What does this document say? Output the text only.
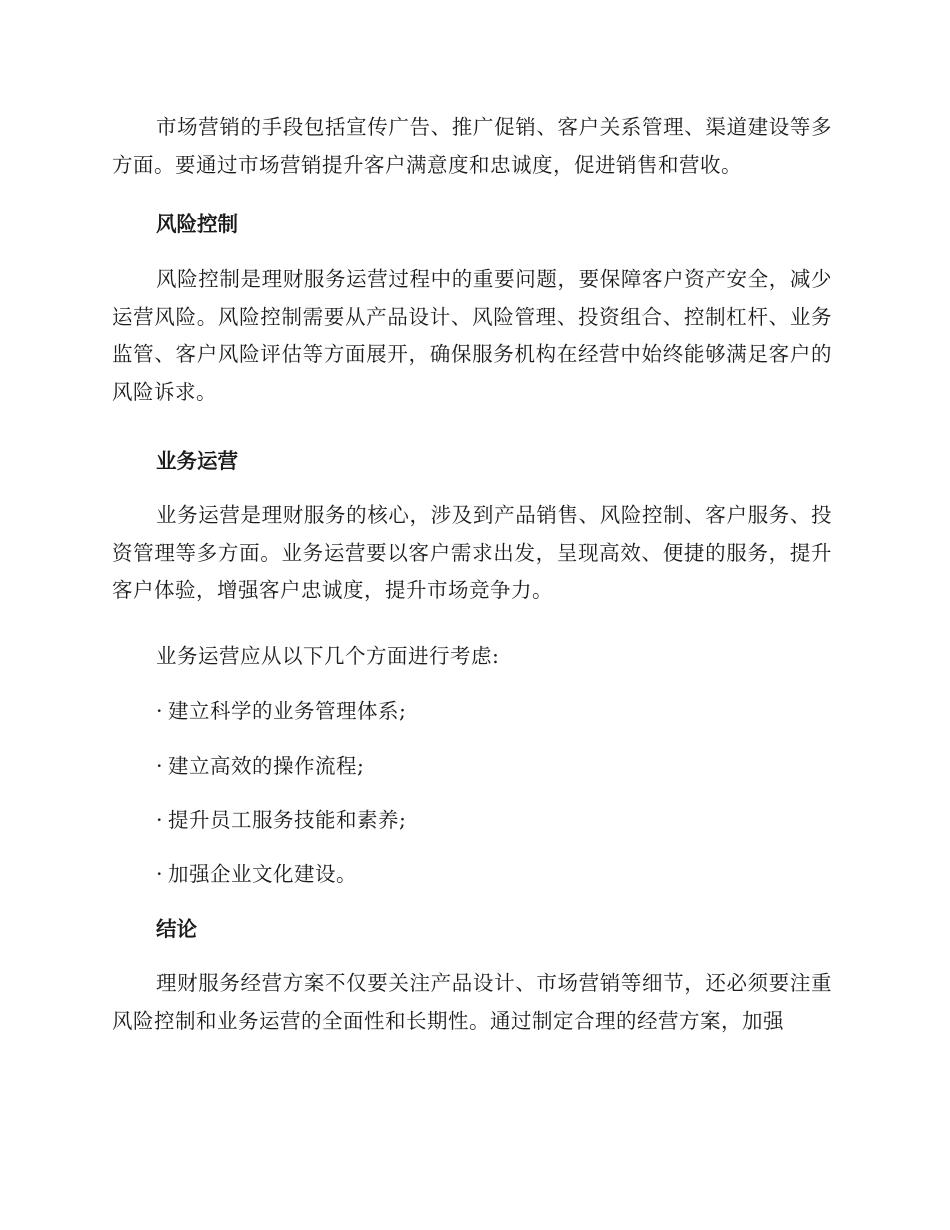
市场营销的手段包括宣传广告、推广促销、客户关系管理、渠道建设等多方面。要通过市场营销提升客户满意度和忠诚度，促进销售和营收。

风险控制

风险控制是理财服务运营过程中的重要问题，要保障客户资产安全，减少运营风险。风险控制需要从产品设计、风险管理、投资组合、控制杠杆、业务监管、客户风险评估等方面展开，确保服务机构在经营中始终能够满足客户的风险诉求。

业务运营

业务运营是理财服务的核心，涉及到产品销售、风险控制、客户服务、投资管理等多方面。业务运营要以客户需求出发，呈现高效、便捷的服务，提升客户体验，增强客户忠诚度，提升市场竞争力。

业务运营应从以下几个方面进行考虑:

· 建立科学的业务管理体系;
· 建立高效的操作流程;
· 提升员工服务技能和素养;
· 加强企业文化建设。
结论

理财服务经营方案不仅要关注产品设计、市场营销等细节，还必须要注重风险控制和业务运营的全面性和长期性。通过制定合理的经营方案，加强
